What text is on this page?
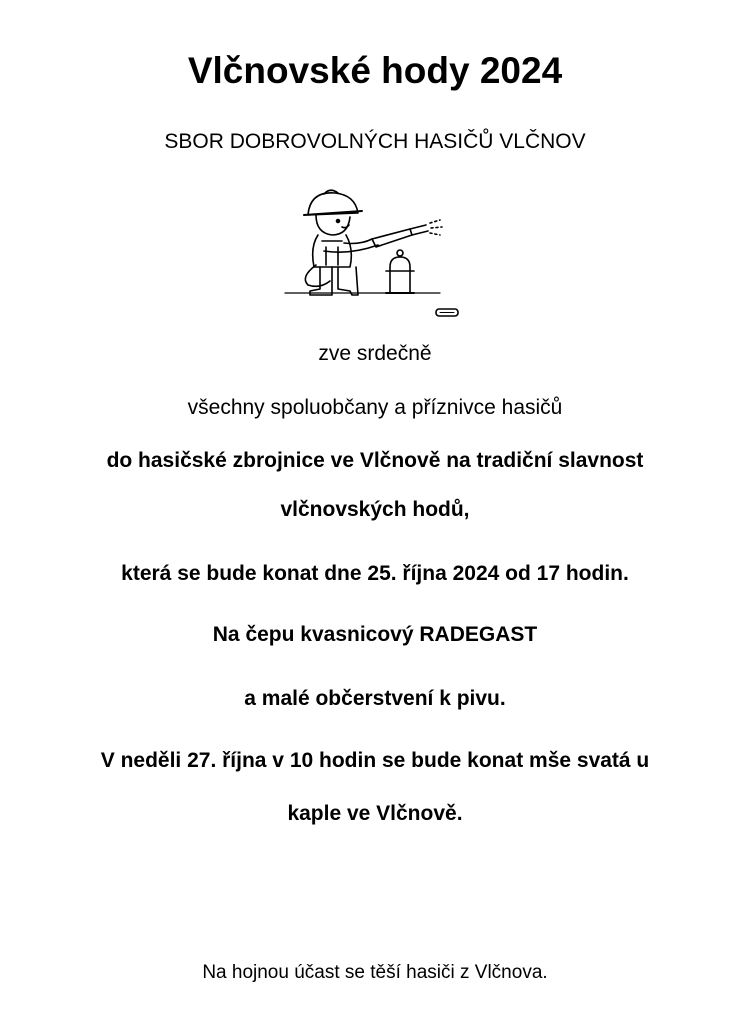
Vlčnovské hody 2024
SBOR DOBROVOLNÝCH HASIČŮ VLČNOV
zve srdečně
všechny spoluobčany a příznivce hasičů
do hasičské zbrojnice ve Vlčnově na tradiční slavnost
vlčnovských hodů,
která se bude konat dne 25. října 2024 od 17 hodin.
Na čepu kvasnicový RADEGAST
a malé občerstvení k pivu.
V neděli 27. října v 10 hodin se bude konat mše svatá u
kaple ve Vlčnově.
Na hojnou účast se těší hasiči z Vlčnova.
